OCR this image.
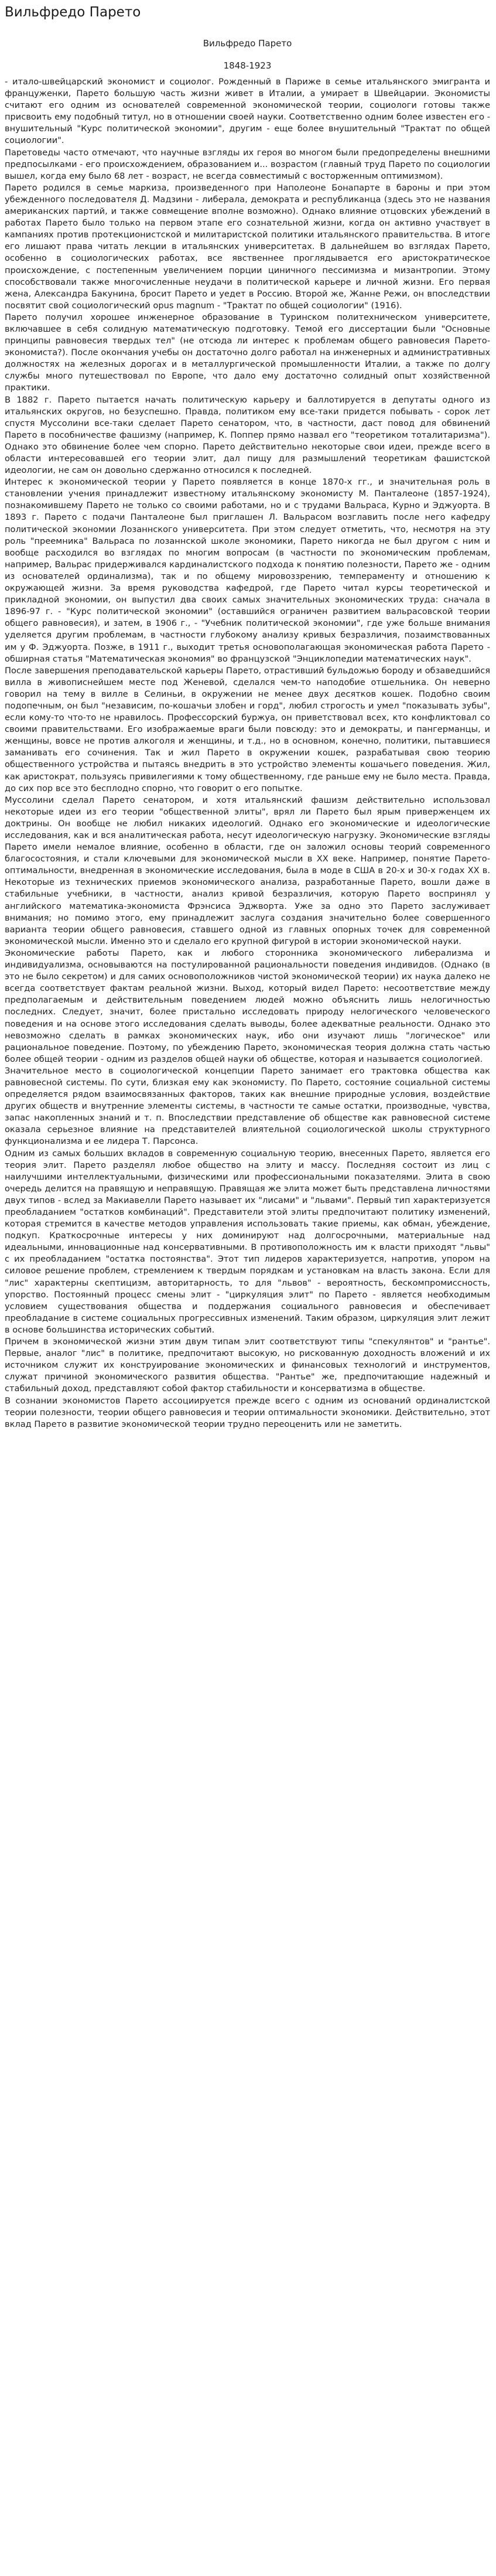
Вильфредо Парето

Вильфредо Парето

1848-1923

- итало-швейцарский экономист и социолог. Рожденный в Париже в семье итальянского эмигранта и француженки, Парето большую часть жизни живет в Италии, а умирает в Швейцарии. Экономисты считают его одним из основателей современной экономической теории, социологи готовы также присвоить ему подобный титул, но в отношении своей науки. Соответственно одним более известен его - внушительный "Курс политической экономии", другим - еще более внушительный "Трактат по общей социологии".

Паретоведы часто отмечают, что научные взгляды их героя во многом были предопределены внешними предпосылками - его происхождением, образованием и... возрастом (главный труд Парето по социологии вышел, когда ему было 68 лет - возраст, не всегда совместимый с восторженным оптимизмом).

Парето родился в семье маркиза, произведенного при Наполеоне Бонапарте в бароны и при этом убежденного последователя Д. Мадзини - либерала, демократа и республиканца (здесь это не названия американских партий, и также совмещение вполне возможно). Однако влияние отцовских убеждений в работах Парето было только на первом этапе его сознательной жизни, когда он активно участвует в кампаниях против протекционистской и милитаристской политики итальянского правительства. В итоге его лишают права читать лекции в итальянских университетах. В дальнейшем во взглядах Парето, особенно в социологических работах, все явственнее проглядывается его аристократическое происхождение, с постепенным увеличением порции циничного пессимизма и мизантропии. Этому способствовали также многочисленные неудачи в политической карьере и личной жизни. Его первая жена, Александра Бакунина, бросит Парето и уедет в Россию. Второй же, Жанне Режи, он впоследствии посвятит свой социологический opus magnum - "Трактат по общей социологии" (1916).

Парето получил хорошее инженерное образование в Туринском политехническом университете, включавшее в себя солидную математическую подготовку. Темой его диссертации были "Основные принципы равновесия твердых тел" (не отсюда ли интерес к проблемам общего равновесия Парето-экономиста?). После окончания учебы он достаточно долго работал на инженерных и административных должностях на железных дорогах и в металлургической промышленности Италии, а также по долгу службы много путешествовал по Европе, что дало ему достаточно солидный опыт хозяйственной практики.

В 1882 г. Парето пытается начать политическую карьеру и баллотируется в депутаты одного из итальянских округов, но безуспешно. Правда, политиком ему все-таки придется побывать - сорок лет спустя Муссолини все-таки сделает Парето сенатором, что, в частности, даст повод для обвинений Парето в пособничестве фашизму (например, К. Поппер прямо назвал его "теоретиком тоталитаризма"). Однако это обвинение более чем спорно. Парето действительно некоторые свои идеи, прежде всего в области интересовавшей его теории элит, дал пищу для размышлений теоретикам фашистской идеологии, не сам он довольно сдержанно относился к последней.

Интерес к экономической теории у Парето появляется в конце 1870-х гг., и значительная роль в становлении учения принадлежит известному итальянскому экономисту М. Панталеоне (1857-1924), познакомившему Парето не только со своими работами, но и с трудами Вальраса, Курно и Эджуорта. В 1893 г. Парето с подачи Панталеоне был приглашен Л. Вальрасом возглавить после него кафедру политической экономии Лозаннского университета. При этом следует отметить, что, несмотря на эту роль "преемника" Вальраса по лозаннской школе экономики, Парето никогда не был другом с ним и вообще расходился во взглядах по многим вопросам (в частности по экономическим проблемам, например, Вальрас придерживался кардиналистского подхода к понятию полезности, Парето же - одним из основателей ординализма), так и по общему мировоззрению, темпераменту и отношению к окружающей жизни. За время руководства кафедрой, где Парето читал курсы теоретической и прикладной экономии, он выпустил два своих самых значительных экономических труда: сначала в 1896-97 г. - "Курс политической экономии" (оставшийся ограничен развитием вальрасовской теории общего равновесия), и затем, в 1906 г., - "Учебник политической экономии", где уже больше внимания уделяется другим проблемам, в частности глубокому анализу кривых безразличия, позаимствованных им у Ф. Эджуорта. Позже, в 1911 г., выходит третья основополагающая экономическая работа Парето - обширная статья "Математическая экономия" во французской "Энциклопедии математических наук".

После завершения преподавательской карьеры Парето, отрастивший бульдожью бороду и обзаведшийся вилла в живописнейшем месте под Женевой, сделался чем-то наподобие отшельника. Он неверно говорил на тему в вилле в Селиньи, в окружении не менее двух десятков кошек. Подобно своим подопечным, он был "независим, по-кошачьи злобен и горд", любил строгость и умел "показывать зубы", если кому-то что-то не нравилось. Профессорский буржуа, он приветствовал всех, кто конфликтовал со своими правительствами. Его изображаемые враги были повсюду: это и демократы, и пангерманцы, и женщины, вовсе не против алкоголя и женщины, и т.д., но в основном, конечно, политики, пытавшиеся заманивать его сочинения. Так и жил Парето в окружении кошек, разрабатывая свою теорию общественного устройства и пытаясь внедрить в это устройство элементы кошачьего поведения. Жил, как аристократ, пользуясь привилегиями к тому общественному, где раньше ему не было места. Правда, до сих пор все это бесплодно спорно, что говорит о его попытке.

Муссолини сделал Парето сенатором, и хотя итальянский фашизм действительно использовал некоторые идеи из его теории "общественной элиты", врял ли Парето был ярым приверженцем их доктрины. Он вообще не любил никаких идеологий. Однако его экономические и идеологические исследования, как и вся аналитическая работа, несут идеологическую нагрузку. Экономические взгляды Парето имели немалое влияние, особенно в области, где он заложил основы теорий современного благосостояния, и стали ключевыми для экономической мысли в XX веке. Например, понятие Парето-оптимальности, внедренная в экономические исследования, была в моде в США в 20-х и 30-х годах XX в. Некоторые из технических приемов экономического анализа, разработанные Парето, вошли даже в стабильные учебники, в частности, анализ кривой безразличия, которую Парето воспринял у английского математика-экономиста Фрэнсиса Эджворта. Уже за одно это Парето заслуживает внимания; но помимо этого, ему принадлежит заслуга создания значительно более совершенного варианта теории общего равновесия, ставшего одной из главных опорных точек для современной экономической мысли. Именно это и сделало его крупной фигурой в истории экономической науки.

Экономические работы Парето, как и любого сторонника экономического либерализма и индивидуализма, основываются на постулированной рациональности поведения индивидов. (Однако (в это не было секретом) и для самих основоположников чистой экономической теории) их наука далеко не всегда соответствует фактам реальной жизни. Выход, который видел Парето: несоответствие между предполагаемым и действительным поведением людей можно объяснить лишь нелогичностью последних. Следует, значит, более пристально исследовать природу нелогического человеческого поведения и на основе этого исследования сделать выводы, более адекватные реальности. Однако это невозможно сделать в рамках экономических наук, ибо они изучают лишь "логическое" или рациональное поведение. Поэтому, по убеждению Парето, экономическая теория должна стать частью более общей теории - одним из разделов общей науки об обществе, которая и называется социологией.

Значительное место в социологической концепции Парето занимает его трактовка общества как равновесной системы. По сути, близкая ему как экономисту. По Парето, состояние социальной системы определяется рядом взаимосвязанных факторов, таких как внешние природные условия, воздействие других обществ и внутренние элементы системы, в частности те самые остатки, производные, чувства, запас накопленных знаний и т. п. Впоследствии представление об обществе как равновесной системе оказала серьезное влияние на представителей влиятельной социологической школы структурного функционализма и ее лидера Т. Парсонса.

Одним из самых больших вкладов в современную социальную теорию, внесенных Парето, является его теория элит. Парето разделял любое общество на элиту и массу. Последняя состоит из лиц с наилучшими интеллектуальными, физическими или профессиональными показателями. Элита в свою очередь делится на правящую и неправящую. Правящая же элита может быть представлена личностями двух типов - вслед за Макиавелли Парето называет их "лисами" и "львами". Первый тип характеризуется преобладанием "остатков комбинаций". Представители этой элиты предпочитают политику изменений, которая стремится в качестве методов управления использовать такие приемы, как обман, убеждение, подкуп. Краткосрочные интересы у них доминируют над долгосрочными, материальные над идеальными, инновационные над консервативными. В противоположность им к власти приходят "львы" с их преобладанием "остатка постоянства". Этот тип лидеров характеризуется, напротив, упором на силовое решение проблем, стремлением к твердым порядкам и установкам на власть закона. Если для "лис" характерны скептицизм, авторитарность, то для "львов" - вероятность, бескомпромиссность, упорство. Постоянный процесс смены элит - "циркуляция элит" по Парето - является необходимым условием существования общества и поддержания социального равновесия и обеспечивает преобладание в системе социальных прогрессивных изменений. Таким образом, циркуляция элит лежит в основе большинства исторических событий.

Причем в экономической жизни этим двум типам элит соответствуют типы "спекулянтов" и "рантье". Первые, аналог "лис" в политике, предпочитают высокую, но рискованную доходность вложений и их источником служит их конструирование экономических и финансовых технологий и инструментов, служат причиной экономического развития общества. "Рантье" же, предпочитающие надежный и стабильный доход, представляют собой фактор стабильности и консерватизма в обществе.

В сознании экономистов Парето ассоциируется прежде всего с одним из оснований ординалистской теории полезности, теории общего равновесия и теории оптимальности экономики. Действительно, этот вклад Парето в развитие экономической теории трудно переоценить или не заметить.
